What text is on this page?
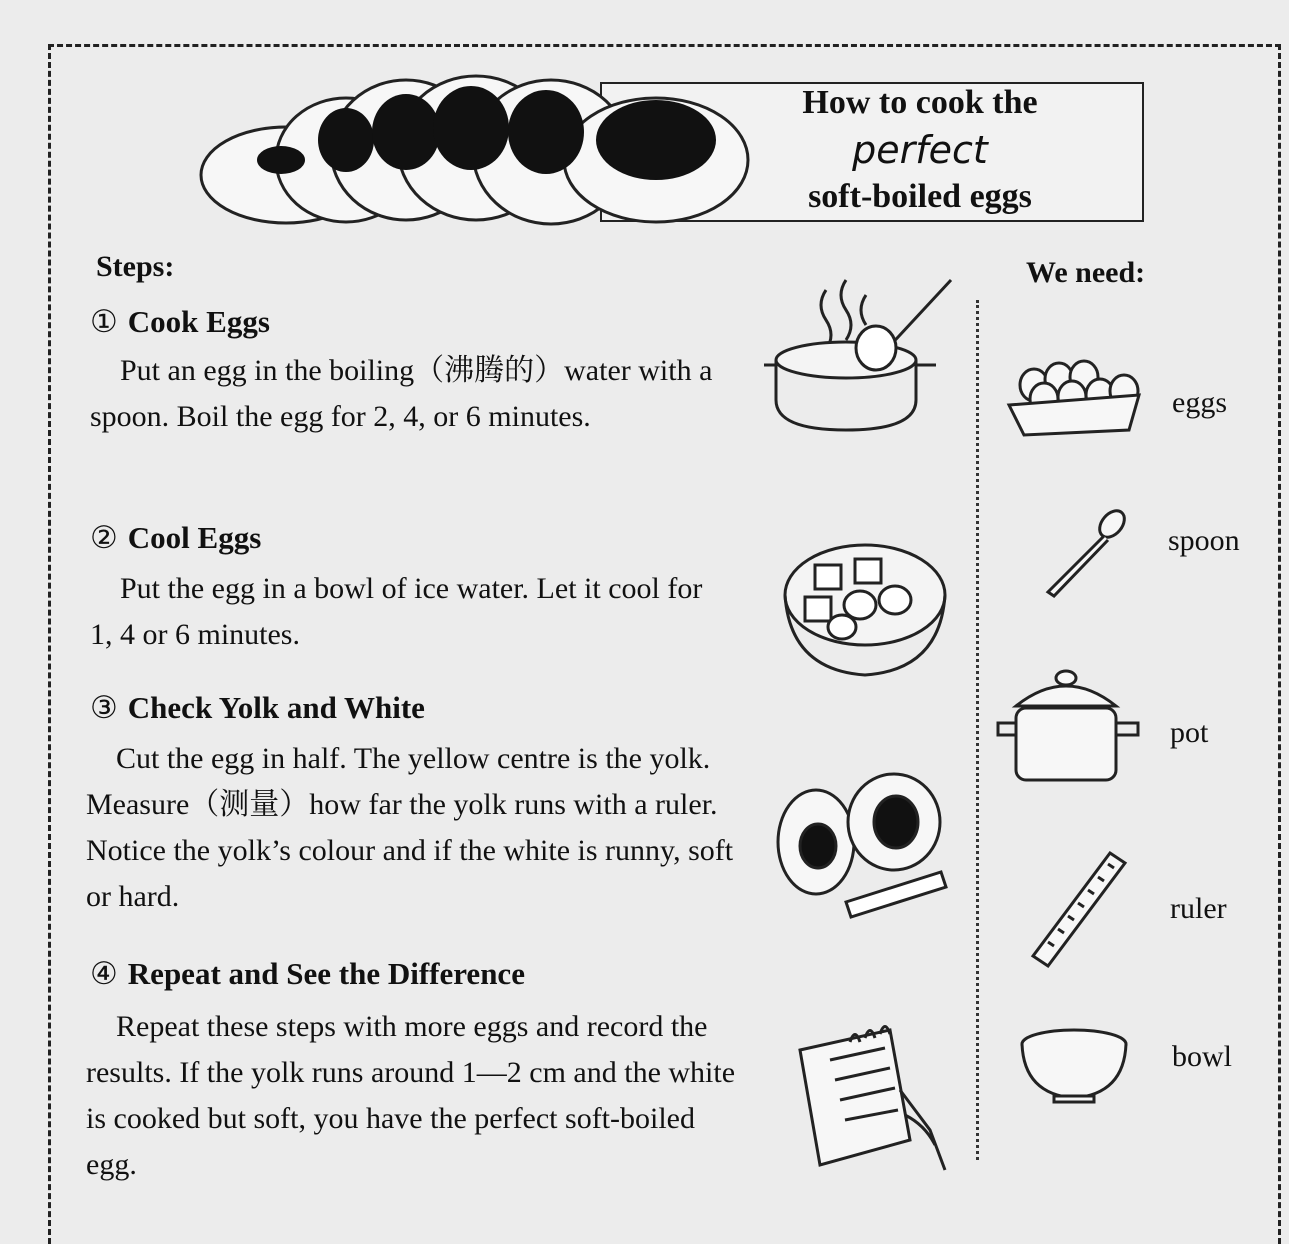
How to cook the
perfect
soft-boiled eggs
Steps:	We need:
① Cook Eggs
 Put an egg in the boiling（沸腾的）water with a spoon. Boil the egg for 2, 4, or 6 minutes.
② Cool Eggs
 Put the egg in a bowl of ice water. Let it cool for 1, 4 or 6 minutes.
③ Check Yolk and White
 Cut the egg in half. The yellow centre is the yolk. Measure（测量）how far the yolk runs with a ruler. Notice the yolk’s colour and if the white is runny, soft or hard.
④ Repeat and See the Difference
 Repeat these steps with more eggs and record the results. If the yolk runs around 1—2 cm and the white is cooked but soft, you have the perfect soft-boiled egg.
eggs
spoon
pot
ruler
bowl
